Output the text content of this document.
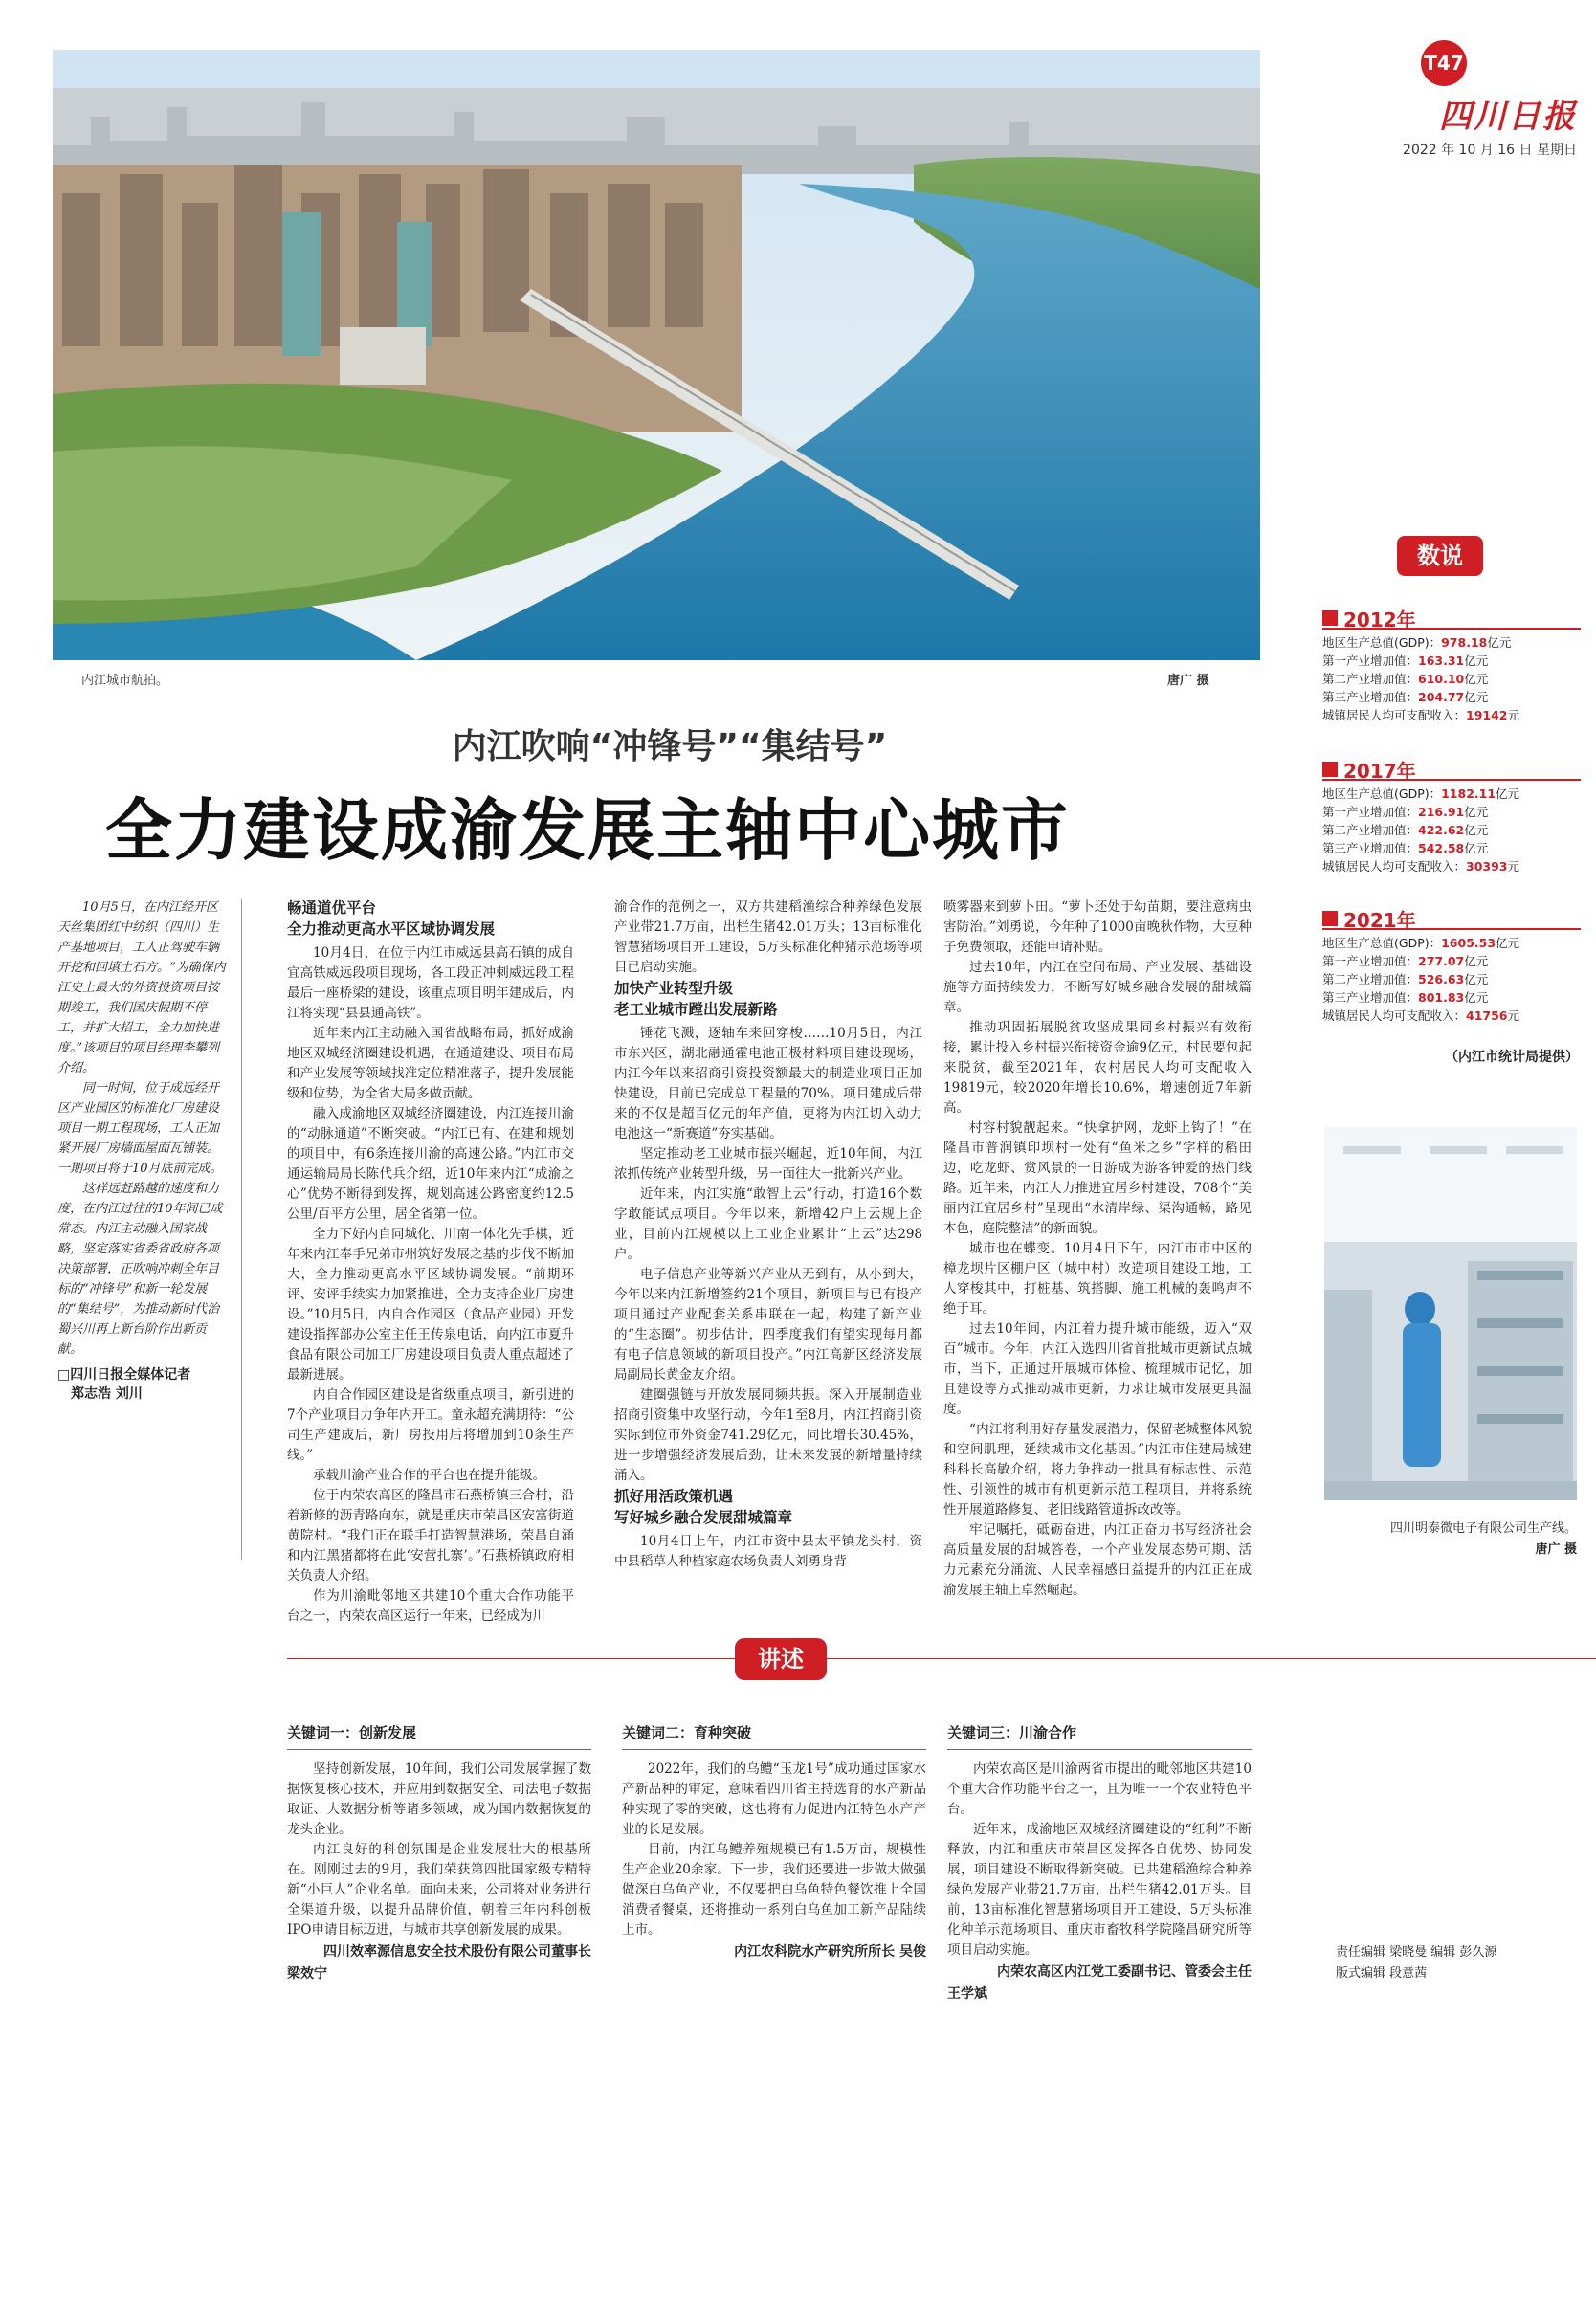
内江城市航拍。	唐广 摄
T47
四川日报
2022 年 10 月 16 日 星期日
内江吹响“冲锋号”“集结号”
全力建设成渝发展主轴中心城市
数说
2012年
地区生产总值(GDP)：978.18亿元
第一产业增加值：163.31亿元
第二产业增加值：610.10亿元
第三产业增加值：204.77亿元
城镇居民人均可支配收入：19142元
2017年
地区生产总值(GDP)：1182.11亿元
第一产业增加值：216.91亿元
第二产业增加值：422.62亿元
第三产业增加值：542.58亿元
城镇居民人均可支配收入：30393元
2021年
地区生产总值(GDP)：1605.53亿元
第一产业增加值：277.07亿元
第二产业增加值：526.63亿元
第三产业增加值：801.83亿元
城镇居民人均可支配收入：41756元
（内江市统计局提供）
四川明泰微电子有限公司生产线。
唐广 摄

10月5日，在内江经开区天丝集团红中纺织（四川）生产基地项目，工人正驾驶车辆开挖和回填土石方。“为确保内江史上最大的外资投资项目按期竣工，我们国庆假期不停工，并扩大招工，全力加快进度。”该项目的项目经理李攀列介绍。

同一时间，位于成远经开区产业园区的标准化厂房建设项目一期工程现场，工人正加紧开展厂房墙面屋面瓦铺装。一期项目将于10月底前完成。

这样远赶路越的速度和力度，在内江过往的10年间已成常态。内江主动融入国家战略，坚定落实省委省政府各项决策部署，正吹响冲刺全年目标的“冲锋号”和新一轮发展的“集结号”，为推动新时代治蜀兴川再上新台阶作出新贡献。

□四川日报全媒体记者
郑志浩 刘川
畅通道优平台
全力推动更高水平区域协调发展

10月4日，在位于内江市威远县高石镇的成自宜高铁威远段项目现场，各工段正冲刺威远段工程最后一座桥梁的建设，该重点项目明年建成后，内江将实现“县县通高铁”。

近年来内江主动融入国省战略布局，抓好成渝地区双城经济圈建设机遇，在通道建设、项目布局和产业发展等领域找准定位精准落子，提升发展能级和位势，为全省大局多做贡献。

融入成渝地区双城经济圈建设，内江连接川渝的“动脉通道”不断突破。“内江已有、在建和规划的项目中，有6条连接川渝的高速公路。”内江市交通运输局局长陈代兵介绍，近10年来内江“成渝之心”优势不断得到发挥，规划高速公路密度约12.5公里/百平方公里，居全省第一位。

全力下好内自同城化、川南一体化先手棋，近年来内江奉手兄弟市州筑好发展之基的步伐不断加大，全力推动更高水平区域协调发展。“前期环评、安评手续实力加紧推进，全力支持企业厂房建设。”10月5日，内自合作园区（食品产业园）开发建设指挥部办公室主任王传泉电话，向内江市夏升食品有限公司加工厂房建设项目负责人重点超述了最新进展。

内自合作园区建设是省级重点项目，新引进的7个产业项目力争年内开工。童永超充满期待：“公司生产建成后，新厂房投用后将增加到10条生产线。”

承载川渝产业合作的平台也在提升能级。

位于内荣农高区的隆昌市石燕桥镇三合村，沿着新修的沥青路向东，就是重庆市荣昌区安富街道黄院村。“我们正在联手打造智慧港场，荣昌自涌和内江黑猪都将在此‘安营扎寨’。”石燕桥镇政府相关负责人介绍。

作为川渝毗邻地区共建10个重大合作功能平台之一，内荣农高区运行一年来，已经成为川

渝合作的范例之一，双方共建稻渔综合种养绿色发展产业带21.7万亩，出栏生猪42.01万头；13亩标准化智慧猪场项目开工建设，5万头标准化种猪示范场等项目已启动实施。

加快产业转型升级
老工业城市蹚出发展新路

锤花飞溅，逐轴车来回穿梭……10月5日，内江市东兴区，湖北融通霍电池正极材料项目建设现场，内江今年以来招商引资投资额最大的制造业项目正加快建设，目前已完成总工程量的70%。项目建成后带来的不仅是超百亿元的年产值，更将为内江切入动力电池这一“新赛道”夯实基础。

坚定推动老工业城市振兴崛起，近10年间，内江浓抓传统产业转型升级，另一面往大一批新兴产业。

近年来，内江实施“敢智上云”行动，打造16个数字敢能试点项目。今年以来，新增42户上云规上企业，目前内江规模以上工业企业累计“上云”达298户。

电子信息产业等新兴产业从无到有，从小到大，今年以来内江新增签约21个项目，新项目与已有投产项目通过产业配套关系串联在一起，构建了新产业的“生态圈”。初步估计，四季度我们有望实现每月都有电子信息领域的新项目投产。”内江高新区经济发展局副局长黄金友介绍。

建圈强链与开放发展同频共振。深入开展制造业招商引资集中攻坚行动，今年1至8月，内江招商引资实际到位市外资金741.29亿元，同比增长30.45%，进一步增强经济发展后劲，让未来发展的新增量持续涌入。

抓好用活政策机遇
写好城乡融合发展甜城篇章

10月4日上午，内江市资中县太平镇龙头村，资中县稻草人种植家庭农场负责人刘勇身背

喷雾器来到萝卜田。“萝卜还处于幼苗期，要注意病虫害防治。”刘勇说，今年种了1000亩晚秋作物，大豆种子免费领取，还能申请补贴。

过去10年，内江在空间布局、产业发展、基础设施等方面持续发力，不断写好城乡融合发展的甜城篇章。

推动巩固拓展脱贫攻坚成果同乡村振兴有效衔接，累计投入乡村振兴衔接资金逾9亿元，村民要包起来脱贫，截至2021年，农村居民人均可支配收入19819元，较2020年增长10.6%，增速创近7年新高。

村容村貌靓起来。“快拿护网，龙虾上钩了！”在隆昌市普润镇印坝村一处有“鱼米之乡”字样的稻田边，吃龙虾、赏风景的一日游成为游客钟爱的热门线路。近年来，内江大力推进宜居乡村建设，708个“美丽内江宜居乡村”呈现出“水清岸绿、渠沟通畅，路见本色，庭院整洁”的新面貌。

城市也在蝶变。10月4日下午，内江市市中区的樟龙坝片区棚户区（城中村）改造项目建设工地，工人穿梭其中，打桩基、筑搭脚、施工机械的轰鸣声不绝于耳。

过去10年间，内江着力提升城市能级，迈入“双百”城市。今年，内江入选四川省首批城市更新试点城市，当下，正通过开展城市体检、梳理城市记忆，加且建设等方式推动城市更新，力求让城市发展更具温度。

“内江将利用好存量发展潜力，保留老城整体风貌和空间肌理，延续城市文化基因。”内江市住建局城建科科长高敏介绍，将力争推动一批具有标志性、示范性、引领性的城市有机更新示范工程项目，并将系统性开展道路修复、老旧线路管道拆改改等。

牢记嘱托，砥砺奋进，内江正奋力书写经济社会高质量发展的甜城答卷，一个产业发展态势可期、活力元素充分涌流、人民幸福感日益提升的内江正在成渝发展主轴上卓然崛起。

讲述
关键词一：创新发展

坚持创新发展，10年间，我们公司发展掌握了数据恢复核心技术，并应用到数据安全、司法电子数据取证、大数据分析等诸多领域，成为国内数据恢复的龙头企业。

内江良好的科创氛围是企业发展壮大的根基所在。刚刚过去的9月，我们荣获第四批国家级专精特新“小巨人”企业名单。面向未来，公司将对业务进行全渠道升级，以提升品牌价值，朝着三年内科创板IPO申请目标迈进，与城市共享创新发展的成果。

四川效率源信息安全技术股份有限公司董事长
梁效宁
关键词二：育种突破

2022年，我们的乌鳢“玉龙1号”成功通过国家水产新品种的审定，意味着四川省主持选育的水产新品种实现了零的突破，这也将有力促进内江特色水产产业的长足发展。

目前，内江乌鳢养殖规模已有1.5万亩，规模性生产企业20余家。下一步，我们还要进一步做大做强做深白乌鱼产业，不仅要把白乌鱼特色餐饮推上全国消费者餐桌，还将推动一系列白乌鱼加工新产品陆续上市。

内江农科院水产研究所所长 吴俊
关键词三：川渝合作

内荣农高区是川渝两省市提出的毗邻地区共建10个重大合作功能平台之一，且为唯一一个农业特色平台。

近年来，成渝地区双城经济圈建设的“红利”不断释放，内江和重庆市荣昌区发挥各自优势、协同发展，项目建设不断取得新突破。已共建稻渔综合种养绿色发展产业带21.7万亩，出栏生猪42.01万头。目前，13亩标准化智慧猪场项目开工建设，5万头标准化种羊示范场项目、重庆市畜牧科学院隆昌研究所等项目启动实施。

内荣农高区内江党工委副书记、管委会主任
王学斌
责任编辑 梁晓曼 编辑 彭久源
版式编辑 段意茜
